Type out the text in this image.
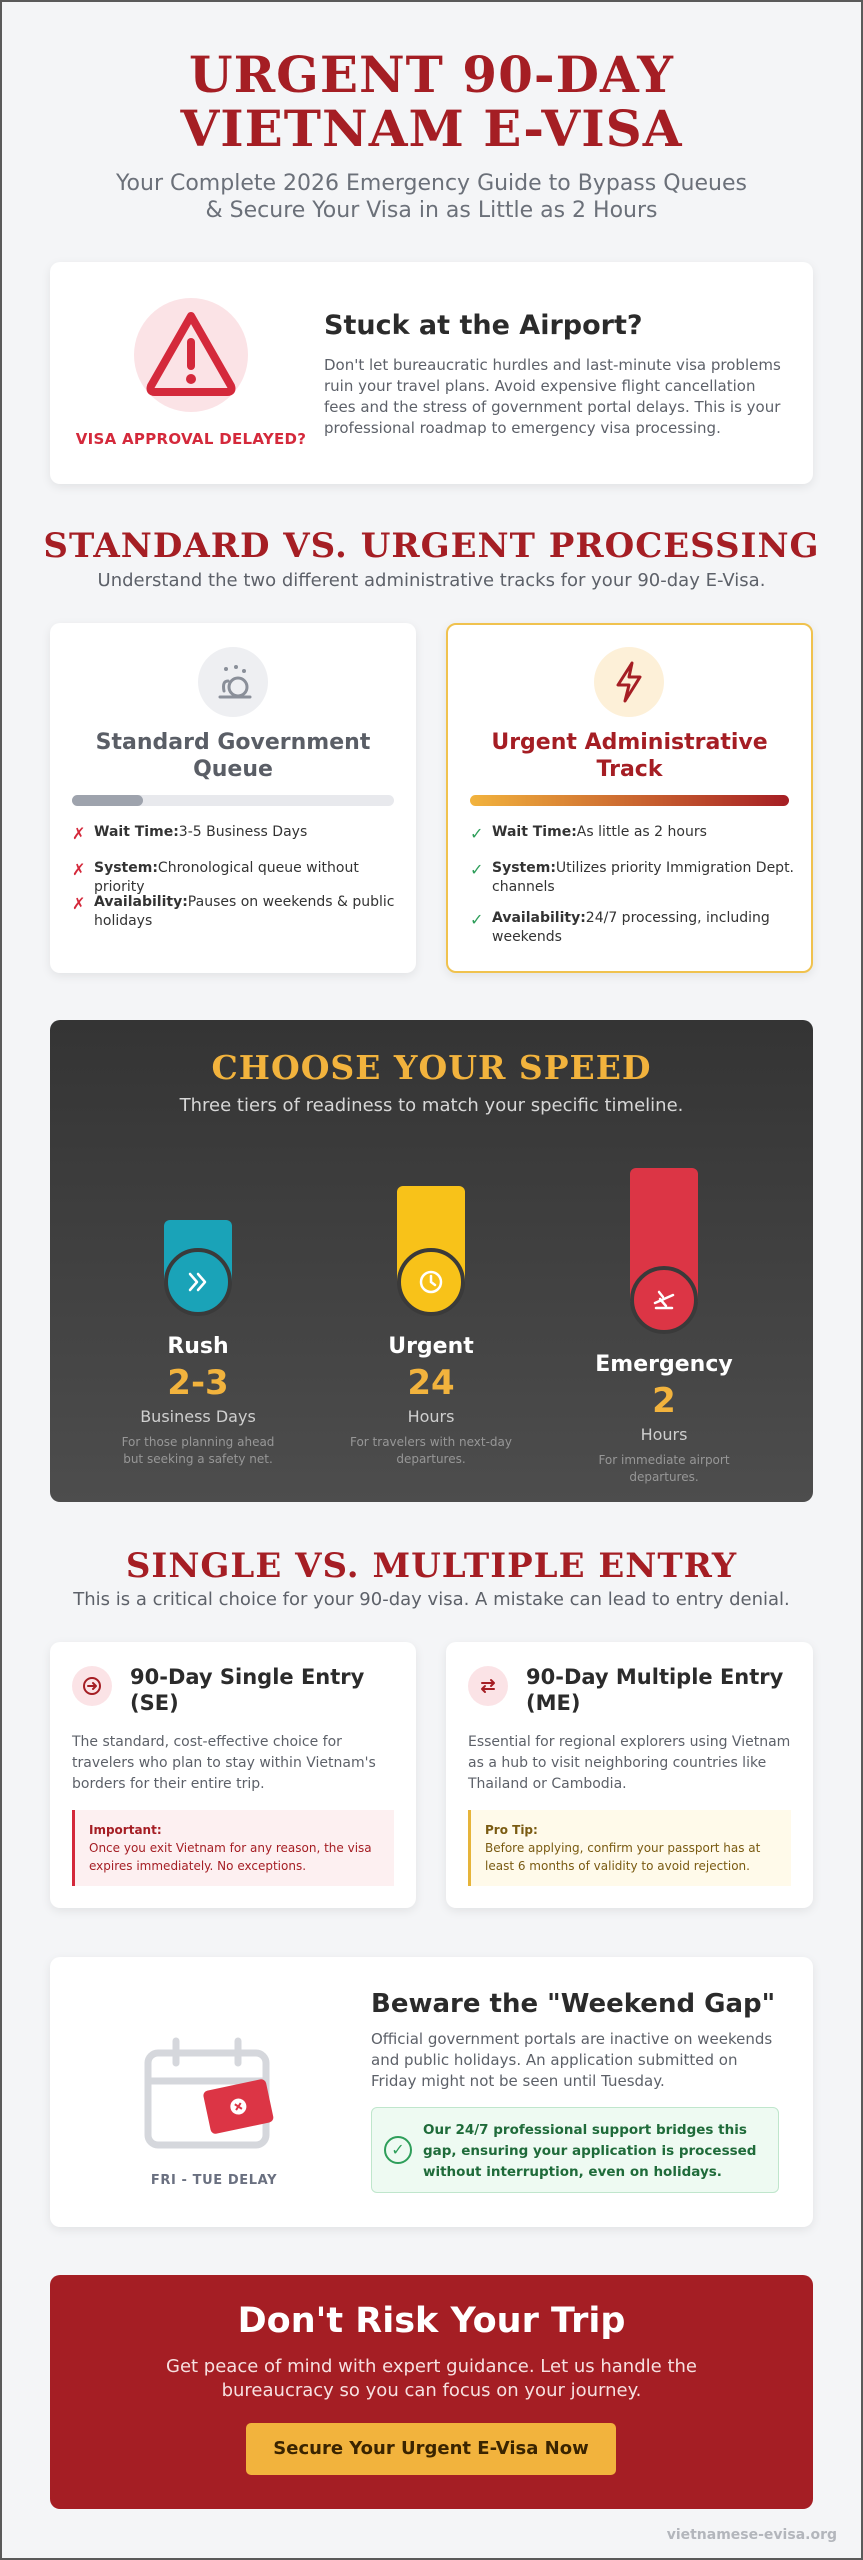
URGENT 90-DAY VIETNAM E-VISA
Your Complete 2026 Emergency Guide to Bypass Queues & Secure Your Visa in as Little as 2 Hours
VISA APPROVAL DELAYED?
Stuck at the Airport?

Don't let bureaucratic hurdles and last-minute visa problems ruin your travel plans. Avoid expensive flight cancellation fees and the stress of government portal delays. This is your professional roadmap to emergency visa processing.

STANDARD VS. URGENT PROCESSING
Understand the two different administrative tracks for your 90-day E-Visa.
Standard Government Queue
✗ Wait Time:3-5 Business Days
✗ System:Chronological queue without priority
✗ Availability:Pauses on weekends & public holidays
Urgent Administrative Track
✓ Wait Time:As little as 2 hours
✓ System:Utilizes priority Immigration Dept. channels
✓ Availability:24/7 processing, including weekends
CHOOSE YOUR SPEED
Three tiers of readiness to match your specific timeline.
Rush
2-3
Business Days
For those planning ahead but seeking a safety net.
Urgent
24
Hours
For travelers with next-day departures.
Emergency
2
Hours
For immediate airport departures.
SINGLE VS. MULTIPLE ENTRY
This is a critical choice for your 90-day visa. A mistake can lead to entry denial.
90-Day Single Entry (SE)
The standard, cost-effective choice for travelers who plan to stay within Vietnam's borders for their entire trip.
Important:
Once you exit Vietnam for any reason, the visa expires immediately. No exceptions.
90-Day Multiple Entry (ME)
Essential for regional explorers using Vietnam as a hub to visit neighboring countries like Thailand or Cambodia.
Pro Tip:
Before applying, confirm your passport has at least 6 months of validity to avoid rejection.
FRI - TUE DELAY
Beware the "Weekend Gap"

Official government portals are inactive on weekends and public holidays. An application submitted on Friday might not be seen until Tuesday.

✓

Our 24/7 professional support bridges this gap, ensuring your application is processed without interruption, even on holidays.

Don't Risk Your Trip

Get peace of mind with expert guidance. Let us handle the bureaucracy so you can focus on your journey.

Secure Your Urgent E-Visa Now
vietnamese-evisa.org
